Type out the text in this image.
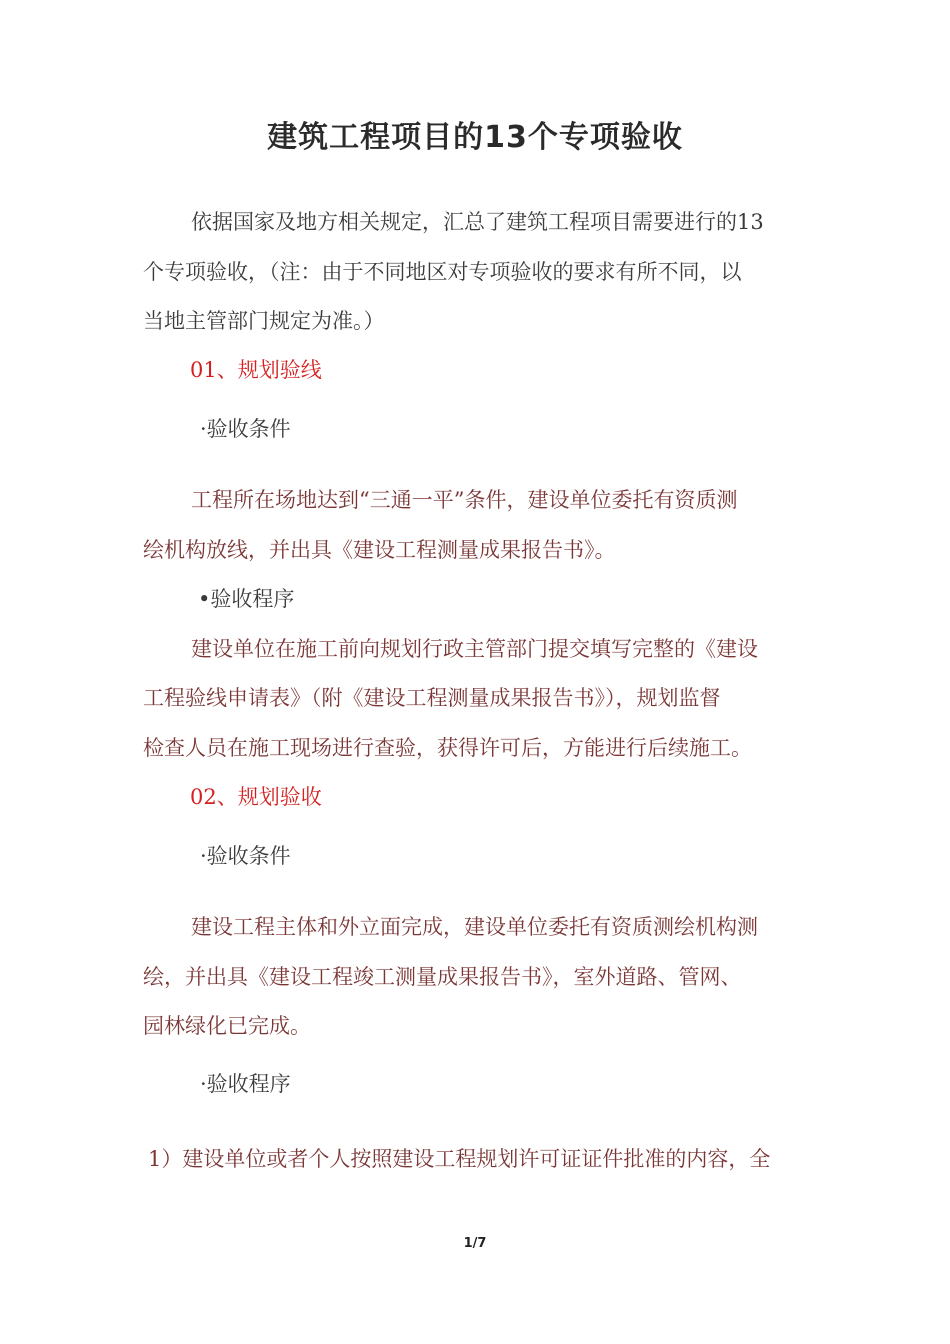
建筑工程项目的13个专项验收
依据国家及地方相关规定，汇总了建筑工程项目需要进行的13
个专项验收，（注：由于不同地区对专项验收的要求有所不同，以
当地主管部门规定为准。）
01、规划验线
·验收条件
工程所在场地达到“三通一平”条件，建设单位委托有资质测
绘机构放线，并出具《建设工程测量成果报告书》。
•验收程序
建设单位在施工前向规划行政主管部门提交填写完整的《建设
工程验线申请表》（附《建设工程测量成果报告书》），规划监督
检查人员在施工现场进行查验，获得许可后，方能进行后续施工。
02、规划验收
·验收条件
建设工程主体和外立面完成，建设单位委托有资质测绘机构测
绘，并出具《建设工程竣工测量成果报告书》，室外道路、管网、
园林绿化已完成。
·验收程序
1）建设单位或者个人按照建设工程规划许可证证件批准的内容，全
1/7
